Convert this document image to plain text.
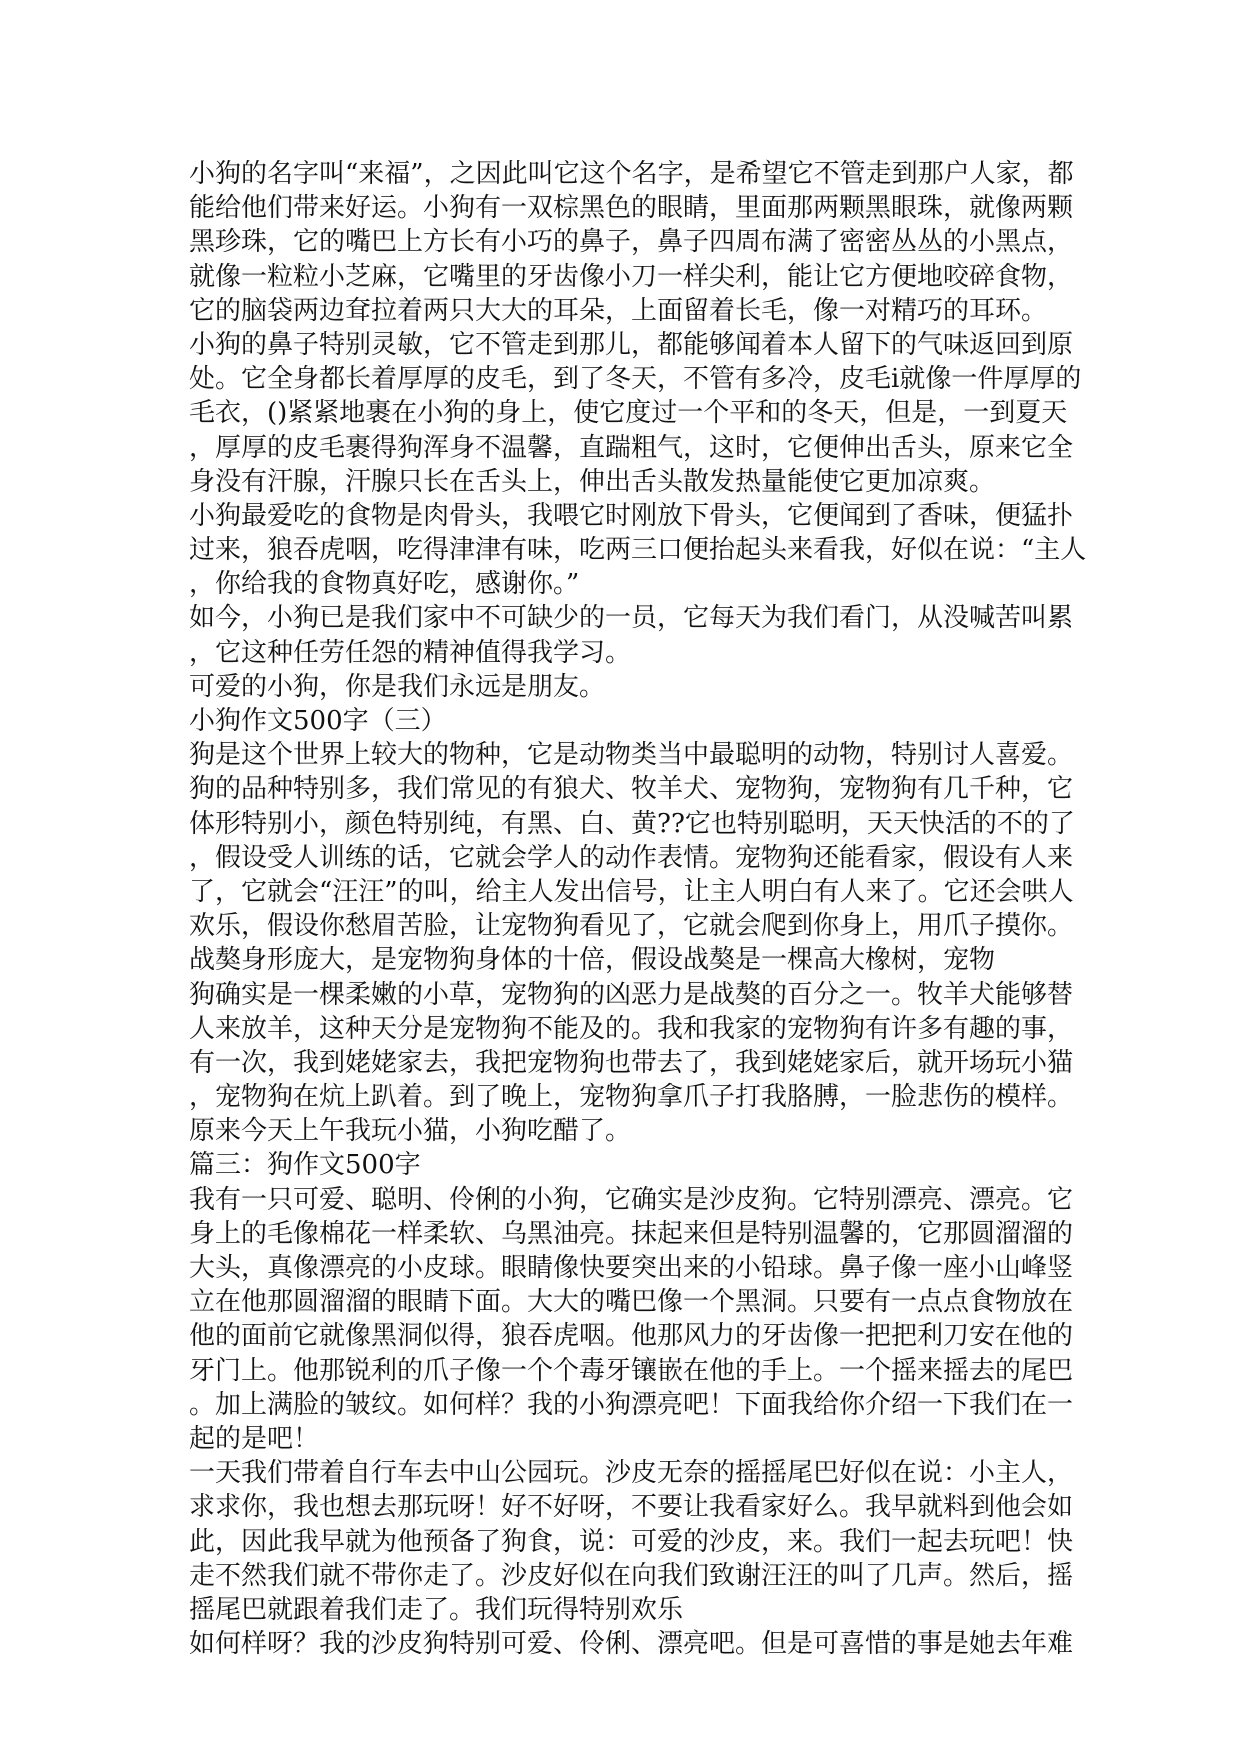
小狗的名字叫“来福”，之因此叫它这个名字，是希望它不管走到那户人家，都
能给他们带来好运。小狗有一双棕黑色的眼睛，里面那两颗黑眼珠，就像两颗
黑珍珠，它的嘴巴上方长有小巧的鼻子，鼻子四周布满了密密丛丛的小黑点，
就像一粒粒小芝麻，它嘴里的牙齿像小刀一样尖利，能让它方便地咬碎食物，
它的脑袋两边耷拉着两只大大的耳朵，上面留着长毛，像一对精巧的耳环。
小狗的鼻子特别灵敏，它不管走到那儿，都能够闻着本人留下的气味返回到原
处。它全身都长着厚厚的皮毛，到了冬天，不管有多冷，皮毛i就像一件厚厚的
毛衣，()紧紧地裹在小狗的身上，使它度过一个平和的冬天，但是，一到夏天
，厚厚的皮毛裹得狗浑身不温馨，直踹粗气，这时，它便伸出舌头，原来它全
身没有汗腺，汗腺只长在舌头上，伸出舌头散发热量能使它更加凉爽。
小狗最爱吃的食物是肉骨头，我喂它时刚放下骨头，它便闻到了香味，便猛扑
过来，狼吞虎咽，吃得津津有味，吃两三口便抬起头来看我，好似在说：“主人
，你给我的食物真好吃，感谢你。”
如今，小狗已是我们家中不可缺少的一员，它每天为我们看门，从没喊苦叫累
，它这种任劳任怨的精神值得我学习。
可爱的小狗，你是我们永远是朋友。
小狗作文500字（三）
狗是这个世界上较大的物种，它是动物类当中最聪明的动物，特别讨人喜爱。
狗的品种特别多，我们常见的有狼犬、牧羊犬、宠物狗，宠物狗有几千种，它
体形特别小，颜色特别纯，有黑、白、黄??它也特别聪明，天天快活的不的了
，假设受人训练的话，它就会学人的动作表情。宠物狗还能看家，假设有人来
了，它就会“汪汪”的叫，给主人发出信号，让主人明白有人来了。它还会哄人
欢乐，假设你愁眉苦脸，让宠物狗看见了，它就会爬到你身上，用爪子摸你。
战獒身形庞大，是宠物狗身体的十倍，假设战獒是一棵高大橡树，宠物
狗确实是一棵柔嫩的小草，宠物狗的凶恶力是战獒的百分之一。牧羊犬能够替
人来放羊，这种天分是宠物狗不能及的。我和我家的宠物狗有许多有趣的事，
有一次，我到姥姥家去，我把宠物狗也带去了，我到姥姥家后，就开场玩小猫
，宠物狗在炕上趴着。到了晚上，宠物狗拿爪子打我胳膊，一脸悲伤的模样。
原来今天上午我玩小猫，小狗吃醋了。
篇三：狗作文500字
我有一只可爱、聪明、伶俐的小狗，它确实是沙皮狗。它特别漂亮、漂亮。它
身上的毛像棉花一样柔软、乌黑油亮。抹起来但是特别温馨的，它那圆溜溜的
大头，真像漂亮的小皮球。眼睛像快要突出来的小铅球。鼻子像一座小山峰竖
立在他那圆溜溜的眼睛下面。大大的嘴巴像一个黑洞。只要有一点点食物放在
他的面前它就像黑洞似得，狼吞虎咽。他那风力的牙齿像一把把利刀安在他的
牙门上。他那锐利的爪子像一个个毒牙镶嵌在他的手上。一个摇来摇去的尾巴
。加上满脸的皱纹。如何样？我的小狗漂亮吧！下面我给你介绍一下我们在一
起的是吧！
一天我们带着自行车去中山公园玩。沙皮无奈的摇摇尾巴好似在说：小主人，
求求你，我也想去那玩呀！好不好呀，不要让我看家好么。我早就料到他会如
此，因此我早就为他预备了狗食，说：可爱的沙皮，来。我们一起去玩吧！快
走不然我们就不带你走了。沙皮好似在向我们致谢汪汪的叫了几声。然后，摇
摇尾巴就跟着我们走了。我们玩得特别欢乐
如何样呀？我的沙皮狗特别可爱、伶俐、漂亮吧。但是可喜惜的事是她去年难
